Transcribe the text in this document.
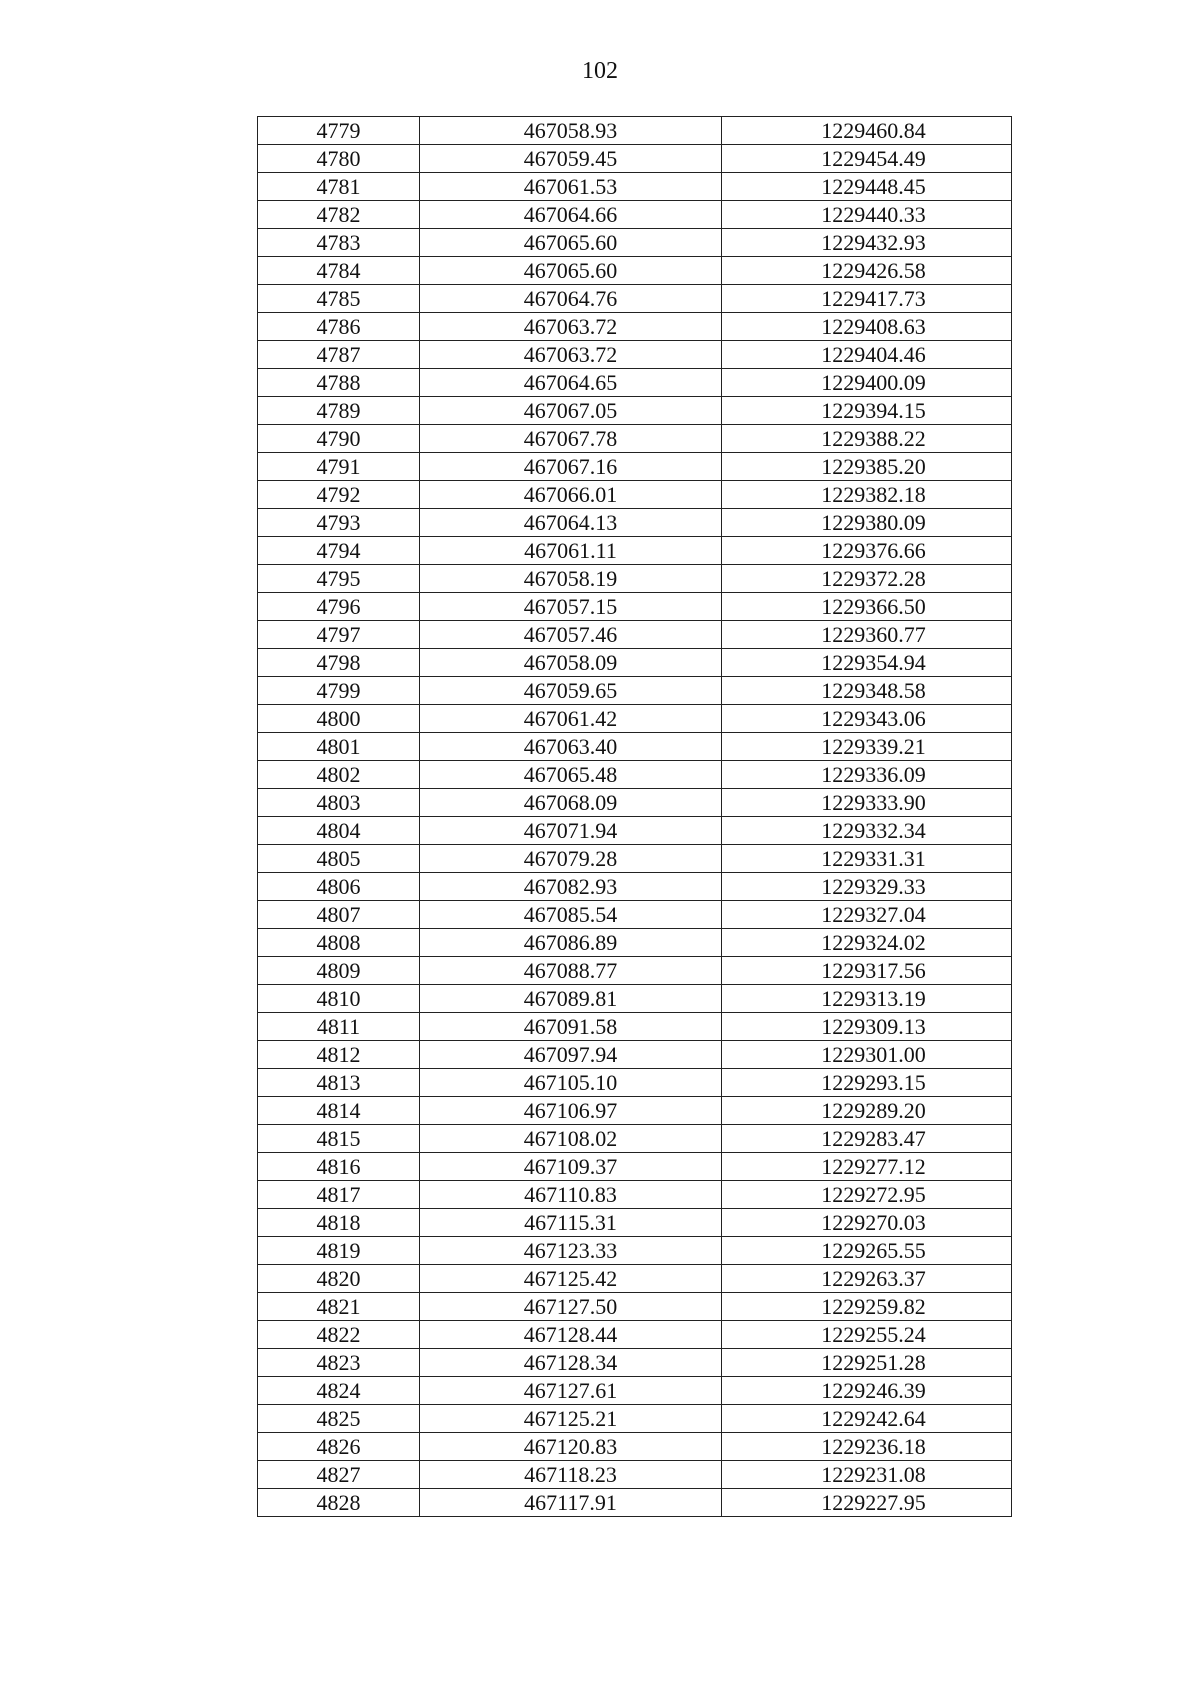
102
4779	467058.93	1229460.84
4780	467059.45	1229454.49
4781	467061.53	1229448.45
4782	467064.66	1229440.33
4783	467065.60	1229432.93
4784	467065.60	1229426.58
4785	467064.76	1229417.73
4786	467063.72	1229408.63
4787	467063.72	1229404.46
4788	467064.65	1229400.09
4789	467067.05	1229394.15
4790	467067.78	1229388.22
4791	467067.16	1229385.20
4792	467066.01	1229382.18
4793	467064.13	1229380.09
4794	467061.11	1229376.66
4795	467058.19	1229372.28
4796	467057.15	1229366.50
4797	467057.46	1229360.77
4798	467058.09	1229354.94
4799	467059.65	1229348.58
4800	467061.42	1229343.06
4801	467063.40	1229339.21
4802	467065.48	1229336.09
4803	467068.09	1229333.90
4804	467071.94	1229332.34
4805	467079.28	1229331.31
4806	467082.93	1229329.33
4807	467085.54	1229327.04
4808	467086.89	1229324.02
4809	467088.77	1229317.56
4810	467089.81	1229313.19
4811	467091.58	1229309.13
4812	467097.94	1229301.00
4813	467105.10	1229293.15
4814	467106.97	1229289.20
4815	467108.02	1229283.47
4816	467109.37	1229277.12
4817	467110.83	1229272.95
4818	467115.31	1229270.03
4819	467123.33	1229265.55
4820	467125.42	1229263.37
4821	467127.50	1229259.82
4822	467128.44	1229255.24
4823	467128.34	1229251.28
4824	467127.61	1229246.39
4825	467125.21	1229242.64
4826	467120.83	1229236.18
4827	467118.23	1229231.08
4828	467117.91	1229227.95
